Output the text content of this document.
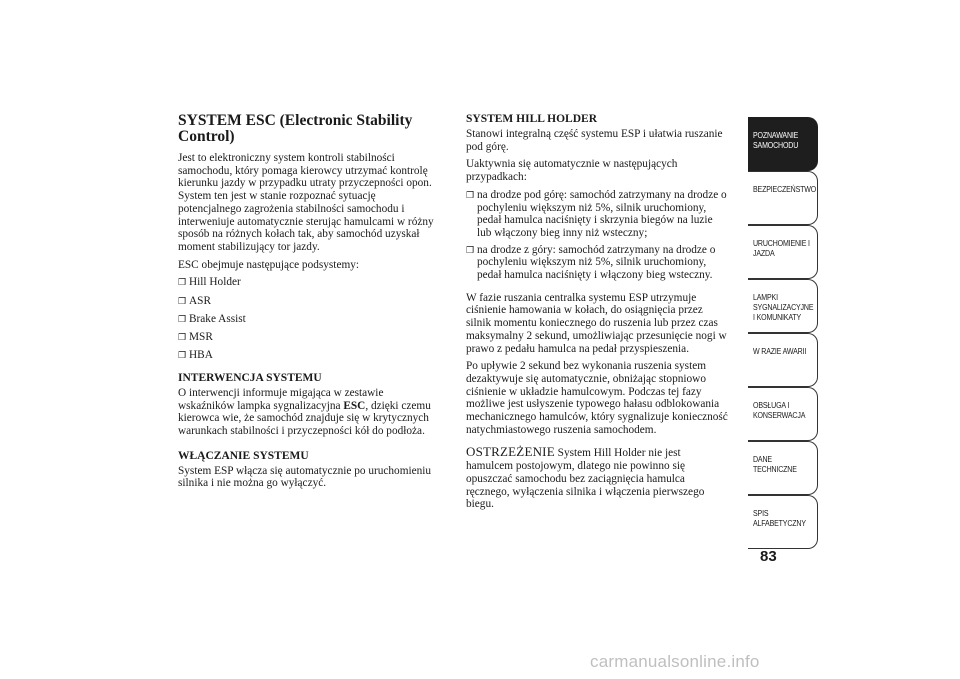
SYSTEM ESC (Electronic Stability Control)

Jest to elektroniczny system kontroli stabilności samochodu, który pomaga kierowcy utrzymać kontrolę kierunku jazdy w przypadku utraty przyczepności opon. System ten jest w stanie rozpoznać sytuację potencjalnego zagrożenia stabilności samochodu i interweniuje automatycznie sterując hamulcami w różny sposób na różnych kołach tak, aby samochód uzyskał moment stabilizujący tor jazdy.

ESC obejmuje następujące podsystemy:

❒ Hill Holder
❒ ASR
❒ Brake Assist
❒ MSR
❒ HBA
INTERWENCJA SYSTEMU

O interwencji informuje migająca w zestawie wskaźników lampka sygnalizacyjna ESC, dzięki czemu kierowca wie, że samochód znajduje się w krytycznych warunkach stabilności i przyczepności kół do podłoża.

WŁĄCZANIE SYSTEMU

System ESP włącza się automatycznie po uruchomieniu silnika i nie można go wyłączyć.

SYSTEM HILL HOLDER

Stanowi integralną część systemu ESP i ułatwia ruszanie pod górę.

Uaktywnia się automatycznie w następujących przypadkach:

❒ na drodze pod górę: samochód zatrzymany na drodze o pochyleniu większym niż 5%, silnik uruchomiony, pedał hamulca naciśnięty i skrzynia biegów na luzie lub włączony bieg inny niż wsteczny;
❒ na drodze z góry: samochód zatrzymany na drodze o pochyleniu większym niż 5%, silnik uruchomiony, pedał hamulca naciśnięty i włączony bieg wsteczny.

W fazie ruszania centralka systemu ESP utrzymuje ciśnienie hamowania w kołach, do osiągnięcia przez silnik momentu koniecznego do ruszenia lub przez czas maksymalny 2 sekund, umożliwiając przesunięcie nogi w prawo z pedału hamulca na pedał przyspieszenia.

Po upływie 2 sekund bez wykonania ruszenia system dezaktywuje się automatycznie, obniżając stopniowo ciśnienie w układzie hamulcowym. Podczas tej fazy możliwe jest usłyszenie typowego hałasu odblokowania mechanicznego hamulców, który sygnalizuje konieczność natychmiastowego ruszenia samochodem.

OSTRZEŻENIE System Hill Holder nie jest hamulcem postojowym, dlatego nie powinno się opuszczać samochodu bez zaciągnięcia hamulca ręcznego, wyłączenia silnika i włączenia pierwszego biegu.

POZNAWANIE
SAMOCHODU
BEZPIECZEŃSTWO
URUCHOMIENIE I
JAZDA
LAMPKI
SYGNALIZACYJNE
I KOMUNIKATY
W RAZIE AWARII
OBSŁUGA I
KONSERWACJA
DANE
TECHNICZNE
SPIS
ALFABETYCZNY
83
carmanualsonline.info
